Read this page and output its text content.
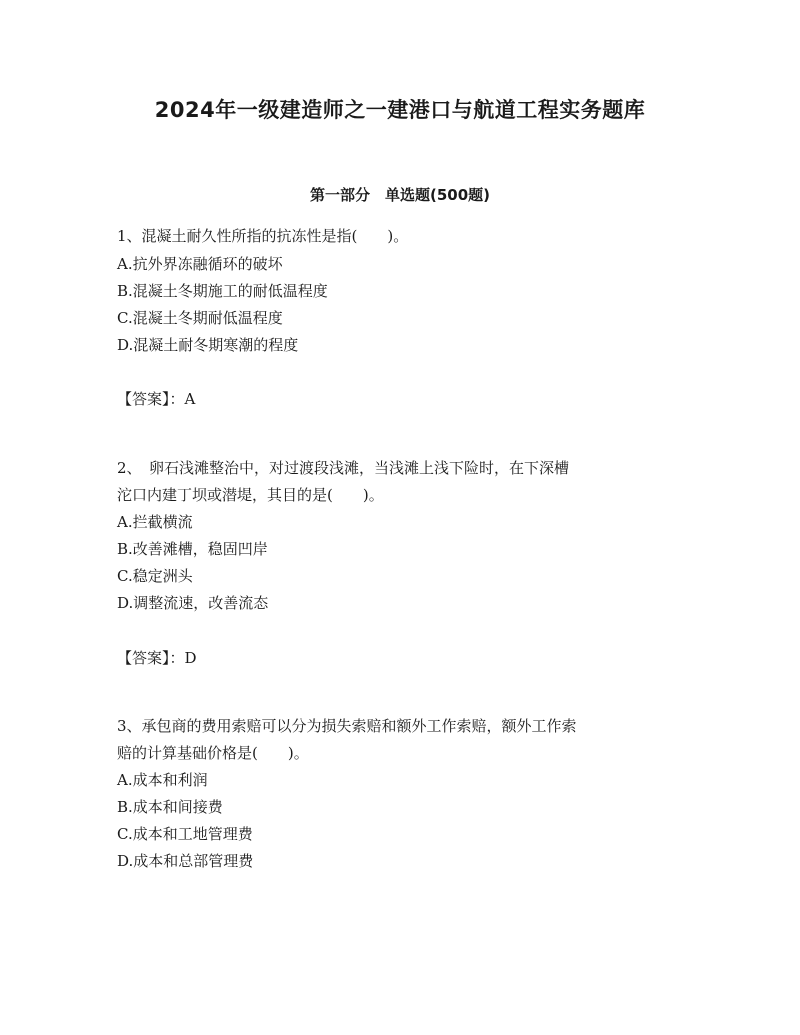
2024年一级建造师之一建港口与航道工程实务题库
第一部分　单选题(500题)
1、混凝土耐久性所指的抗冻性是指(　　)。
A.抗外界冻融循环的破坏
B.混凝土冬期施工的耐低温程度
C.混凝土冬期耐低温程度
D.混凝土耐冬期寒潮的程度
【答案】：A
2、　卵石浅滩整治中，对过渡段浅滩，当浅滩上浅下险时，在下深槽
沱口内建丁坝或潜堤，其目的是(　　)。
A.拦截横流
B.改善滩槽，稳固凹岸
C.稳定洲头
D.调整流速，改善流态
【答案】：D
3、承包商的费用索赔可以分为损失索赔和额外工作索赔，额外工作索
赔的计算基础价格是(　　)。
A.成本和利润
B.成本和间接费
C.成本和工地管理费
D.成本和总部管理费
